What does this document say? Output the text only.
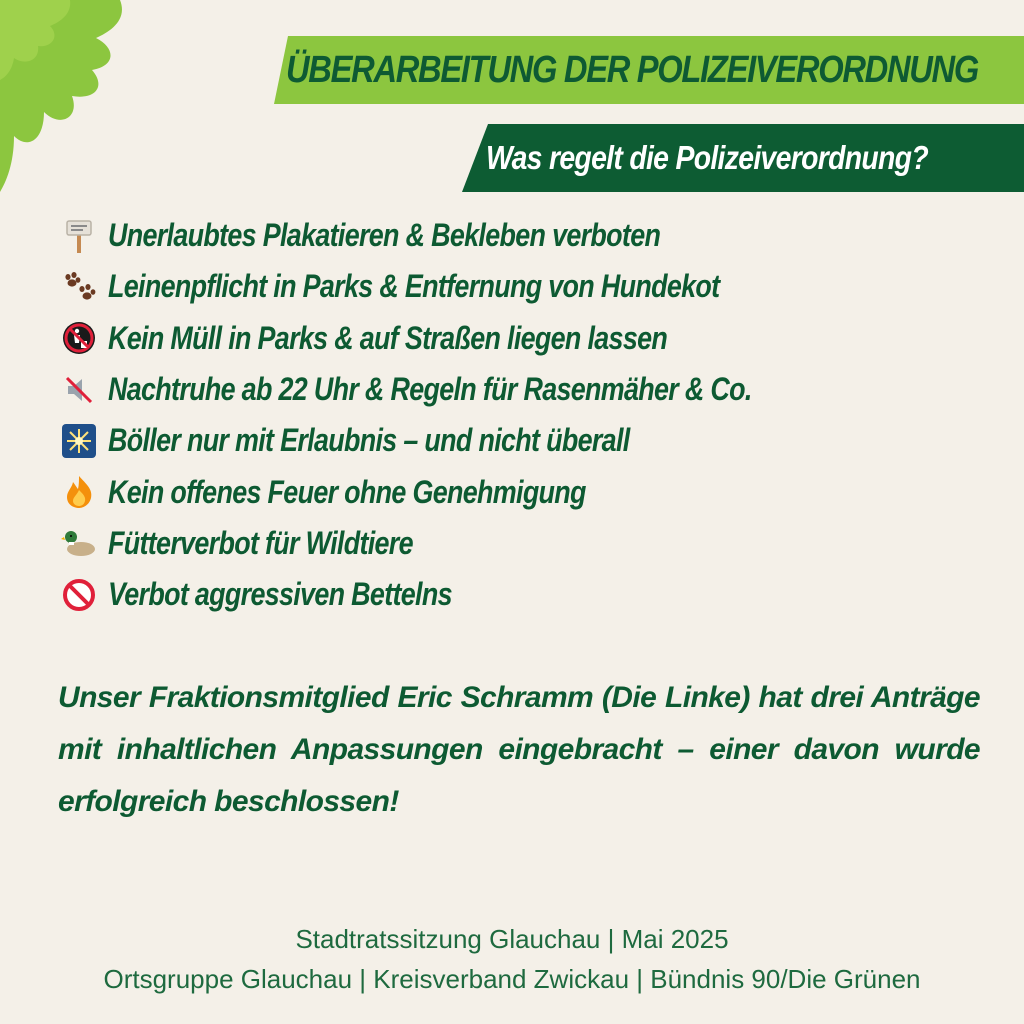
ÜBERARBEITUNG DER POLIZEIVERORDNUNG
Was regelt die Polizeiverordnung?
Unerlaubtes Plakatieren & Bekleben verboten
Leinenpflicht in Parks & Entfernung von Hundekot
Kein Müll in Parks & auf Straßen liegen lassen
Nachtruhe ab 22 Uhr & Regeln für Rasenmäher & Co.
Böller nur mit Erlaubnis – und nicht überall
Kein offenes Feuer ohne Genehmigung
Fütterverbot für Wildtiere
Verbot aggressiven Bettelns
Unser Fraktionsmitglied Eric Schramm (Die Linke) hat drei Anträge mit inhaltlichen Anpassungen eingebracht – einer davon wurde erfolgreich beschlossen!
Stadtratssitzung Glauchau | Mai 2025
Ortsgruppe Glauchau | Kreisverband Zwickau | Bündnis 90/Die Grünen
